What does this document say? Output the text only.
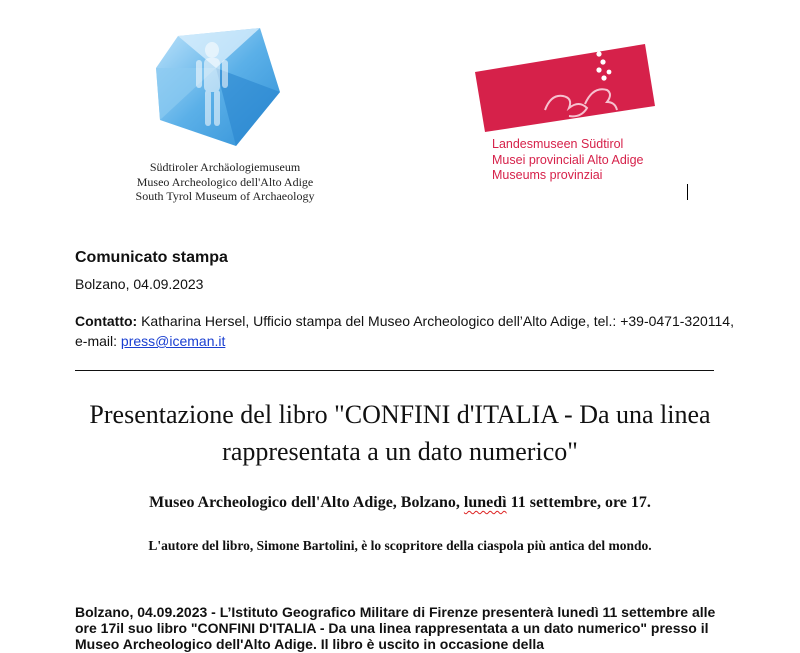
Südtiroler Archäologiemuseum
Museo Archeologico dell'Alto Adige
South Tyrol Museum of Archaeology
Landesmuseen Südtirol
Musei provinciali Alto Adige
Museums provinziai
Comunicato stampa
Bolzano, 04.09.2023
Contatto: Katharina Hersel, Ufficio stampa del Museo Archeologico dell’Alto Adige, tel.: +39-0471-320114, e-mail: press@iceman.it
Presentazione del libro "CONFINI d'ITALIA - Da una linea rappresentata a un dato numerico"
Museo Archeologico dell'Alto Adige, Bolzano, lunedì 11 settembre, ore 17.
L'autore del libro, Simone Bartolini, è lo scopritore della ciaspola più antica del mondo.
Bolzano, 04.09.2023 - L’Istituto Geografico Militare di Firenze presenterà lunedì 11 settembre alle ore 17il suo libro "CONFINI D'ITALIA - Da una linea rappresentata a un dato numerico" presso il Museo Archeologico dell'Alto Adige. Il libro è uscito in occasione della
